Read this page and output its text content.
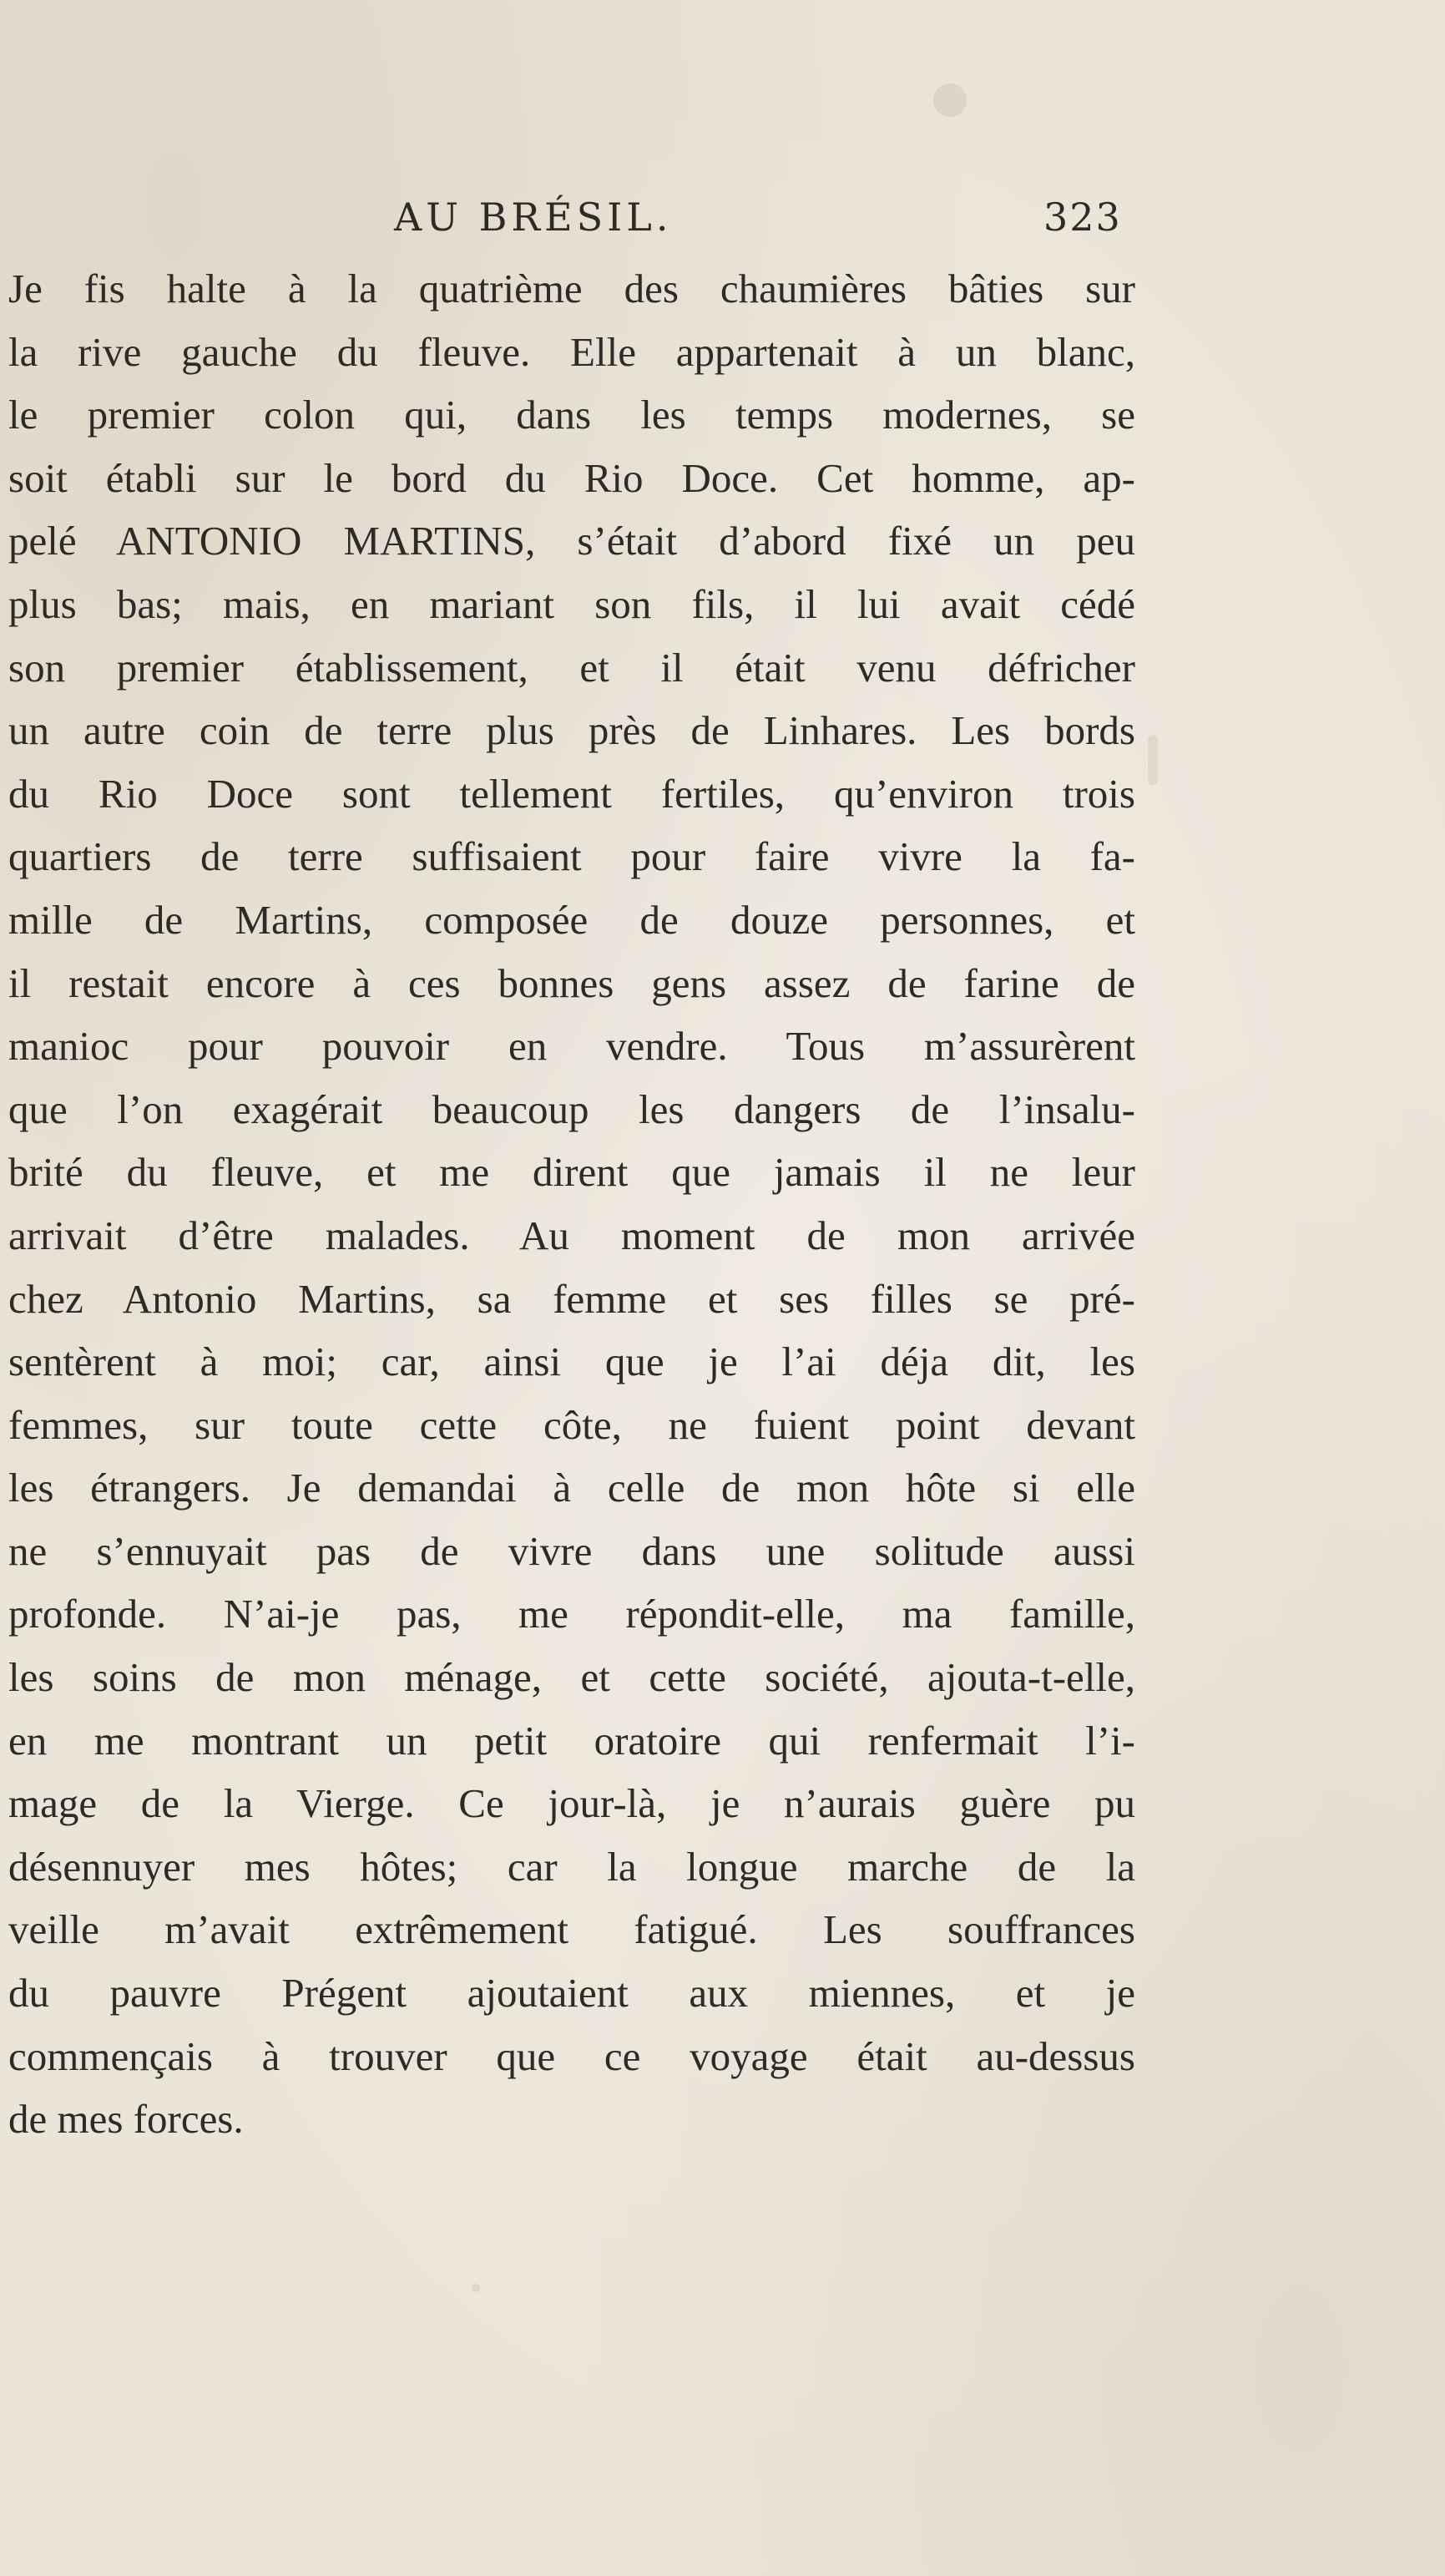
AU BRÉSIL.	323
Je fis halte à la quatrième des chaumières bâties sur
la rive gauche du fleuve. Elle appartenait à un blanc,
le premier colon qui, dans les temps modernes, se
soit établi sur le bord du Rio Doce. Cet homme, ap-
pelé ANTONIO MARTINS, s’était d’abord fixé un peu
plus bas; mais, en mariant son fils, il lui avait cédé
son premier établissement, et il était venu défricher
un autre coin de terre plus près de Linhares. Les bords
du Rio Doce sont tellement fertiles, qu’environ trois
quartiers de terre suffisaient pour faire vivre la fa-
mille de Martins, composée de douze personnes, et
il restait encore à ces bonnes gens assez de farine de
manioc pour pouvoir en vendre. Tous m’assurèrent
que l’on exagérait beaucoup les dangers de l’insalu-
brité du fleuve, et me dirent que jamais il ne leur
arrivait d’être malades. Au moment de mon arrivée
chez Antonio Martins, sa femme et ses filles se pré-
sentèrent à moi; car, ainsi que je l’ai déja dit, les
femmes, sur toute cette côte, ne fuient point devant
les étrangers. Je demandai à celle de mon hôte si elle
ne s’ennuyait pas de vivre dans une solitude aussi
profonde. N’ai-je pas, me répondit-elle, ma famille,
les soins de mon ménage, et cette société, ajouta-t-elle,
en me montrant un petit oratoire qui renfermait l’i-
mage de la Vierge. Ce jour-là, je n’aurais guère pu
désennuyer mes hôtes; car la longue marche de la
veille m’avait extrêmement fatigué. Les souffrances
du pauvre Prégent ajoutaient aux miennes, et je
commençais à trouver que ce voyage était au-dessus
de mes forces.
